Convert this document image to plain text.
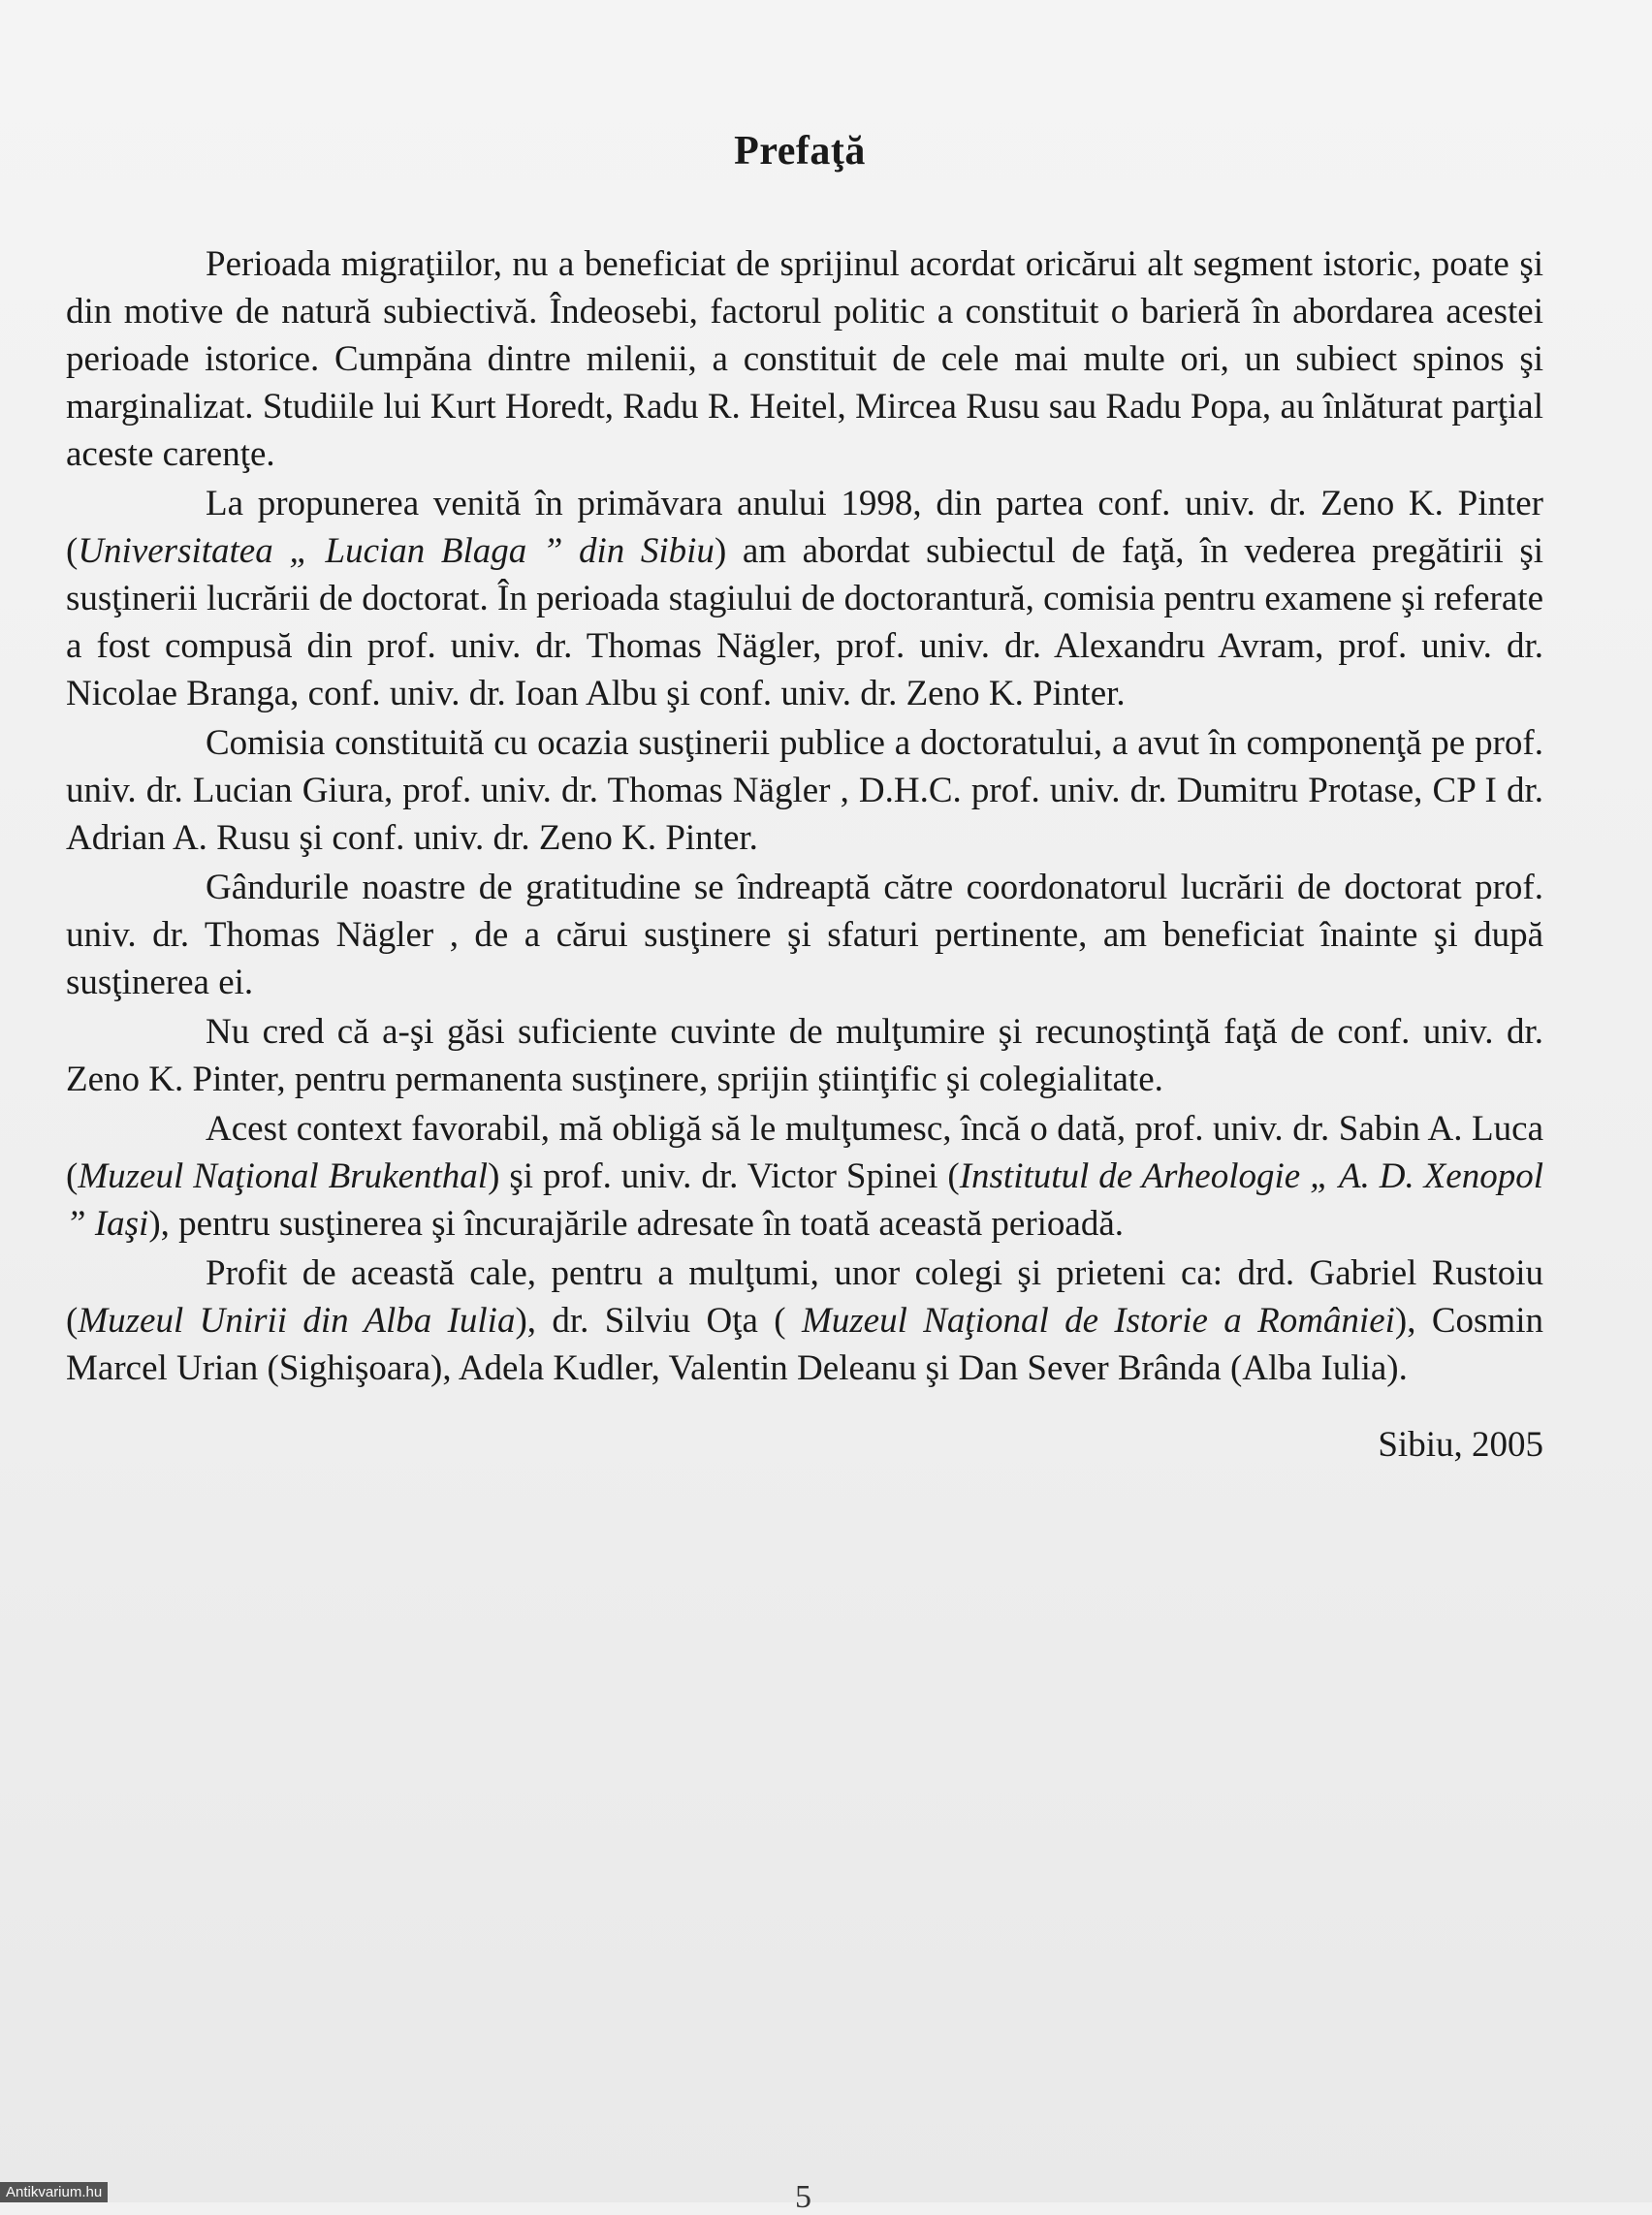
Prefaţă

Perioada migraţiilor, nu a beneficiat de sprijinul acordat oricărui alt segment istoric, poate şi din motive de natură subiectivă. Îndeosebi, factorul politic a constituit o barieră în abordarea acestei perioade istorice. Cumpăna dintre milenii, a constituit de cele mai multe ori, un subiect spinos şi marginalizat. Studiile lui Kurt Horedt, Radu R. Heitel, Mircea Rusu sau Radu Popa, au înlăturat parţial aceste carenţe.

La propunerea venită în primăvara anului 1998, din partea conf. univ. dr. Zeno K. Pinter (Universitatea „ Lucian Blaga ” din Sibiu) am abordat subiectul de faţă, în vederea pregătirii şi susţinerii lucrării de doctorat. În perioada stagiului de doctorantură, comisia pentru examene şi referate a fost compusă din prof. univ. dr. Thomas Nägler, prof. univ. dr. Alexandru Avram, prof. univ. dr. Nicolae Branga, conf. univ. dr. Ioan Albu şi conf. univ. dr. Zeno K. Pinter.

Comisia constituită cu ocazia susţinerii publice a doctoratului, a avut în componenţă pe prof. univ. dr. Lucian Giura, prof. univ. dr. Thomas Nägler , D.H.C. prof. univ. dr. Dumitru Protase, CP I dr. Adrian A. Rusu şi conf. univ. dr. Zeno K. Pinter.

Gândurile noastre de gratitudine se îndreaptă către coordonatorul lucrării de doctorat prof. univ. dr. Thomas Nägler , de a cărui susţinere şi sfaturi pertinente, am beneficiat înainte şi după susţinerea ei.

Nu cred că a-şi găsi suficiente cuvinte de mulţumire şi recunoştinţă faţă de conf. univ. dr. Zeno K. Pinter, pentru permanenta susţinere, sprijin ştiinţific şi colegialitate.

Acest context favorabil, mă obligă să le mulţumesc, încă o dată, prof. univ. dr. Sabin A. Luca (Muzeul Naţional Brukenthal) şi prof. univ. dr. Victor Spinei (Institutul de Arheologie „ A. D. Xenopol ” Iaşi), pentru susţinerea şi încurajările adresate în toată această perioadă.

Profit de această cale, pentru a mulţumi, unor colegi şi prieteni ca: drd. Gabriel Rustoiu (Muzeul Unirii din Alba Iulia), dr. Silviu Oţa ( Muzeul Naţional de Istorie a României), Cosmin Marcel Urian (Sighişoara), Adela Kudler, Valentin Deleanu şi Dan Sever Brânda (Alba Iulia).

Sibiu, 2005
5
Antikvarium.hu
